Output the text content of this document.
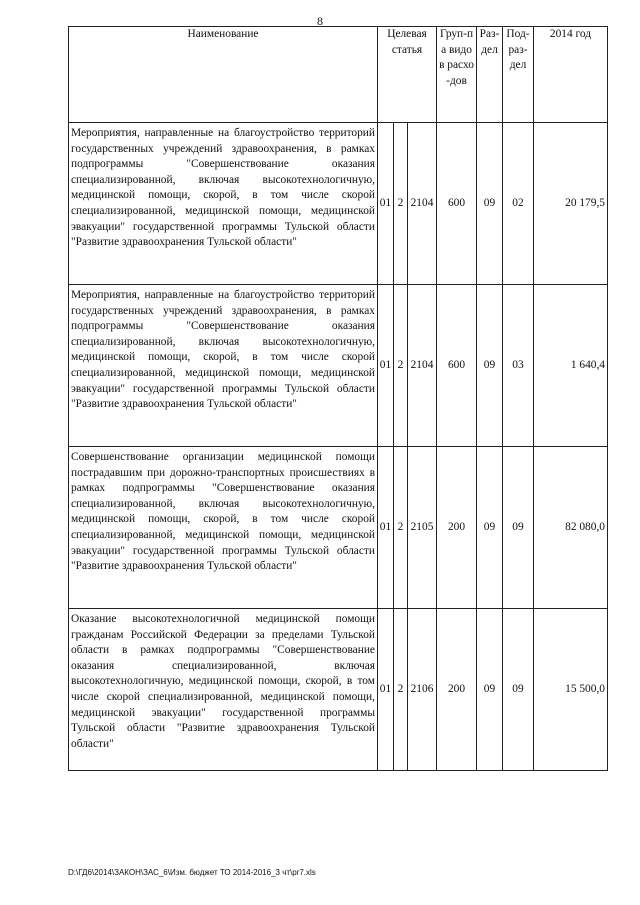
8
Наименование	Целевая статья			Груп-па видов расхо-дов	Раз-дел	Под-раз-дел	2014 год
Мероприятия, направленные на благоустройство территорий государственных учреждений здравоохранения, в рамках подпрограммы "Совершенствование оказания специализированной, включая высокотехнологичную, медицинской помощи, скорой, в том числе скорой специализированной, медицинской помощи, медицинской эвакуации" государственной программы Тульской области "Развитие здравоохранения Тульской области"	01	2	2104	600	09	02	20 179,5
Мероприятия, направленные на благоустройство территорий государственных учреждений здравоохранения, в рамках подпрограммы "Совершенствование оказания специализированной, включая высокотехнологичную, медицинской помощи, скорой, в том числе скорой специализированной, медицинской помощи, медицинской эвакуации" государственной программы Тульской области "Развитие здравоохранения Тульской области"	01	2	2104	600	09	03	1 640,4
Совершенствование организации медицинской помощи пострадавшим при дорожно-транспортных происшествиях в рамках подпрограммы "Совершенствование оказания специализированной, включая высокотехнологичную, медицинской помощи, скорой, в том числе скорой специализированной, медицинской помощи, медицинской эвакуации" государственной программы Тульской области "Развитие здравоохранения Тульской области"	01	2	2105	200	09	09	82 080,0
Оказание высокотехнологичной медицинской помощи гражданам Российской Федерации за пределами Тульской области в рамках подпрограммы "Совершенствование оказания специализированной, включая высокотехнологичную, медицинской помощи, скорой, в том числе скорой специализированной, медицинской помощи, медицинской эвакуации" государственной программы Тульской области "Развитие здравоохранения Тульской области"	01	2	2106	200	09	09	15 500,0
D:\ГД6\2014\ЗАКОН\ЗАС_6\Изм. бюджет ТО 2014-2016_3 чт\pr7.xls
